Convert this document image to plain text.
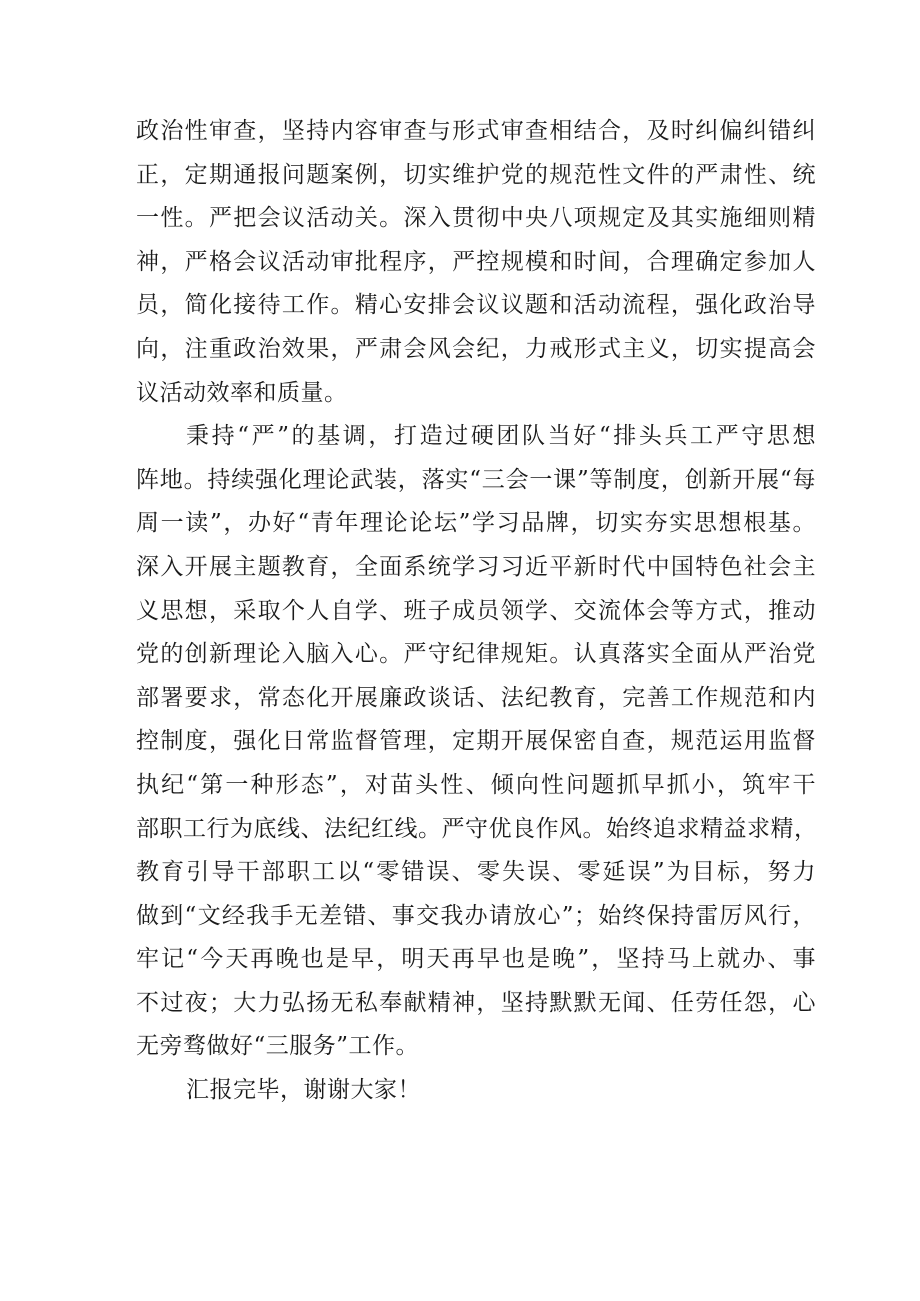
政治性审查，坚持内容审查与形式审查相结合，及时纠偏纠错纠
正，定期通报问题案例，切实维护党的规范性文件的严肃性、统
一性。严把会议活动关。深入贯彻中央八项规定及其实施细则精
神，严格会议活动审批程序，严控规模和时间，合理确定参加人
员，简化接待工作。精心安排会议议题和活动流程，强化政治导
向，注重政治效果，严肃会风会纪，力戒形式主义，切实提高会
议活动效率和质量。
秉持“严”的基调，打造过硬团队当好“排头兵工严守思想
阵地。持续强化理论武装，落实“三会一课”等制度，创新开展“每
周一读”，办好“青年理论论坛”学习品牌，切实夯实思想根基。
深入开展主题教育，全面系统学习习近平新时代中国特色社会主
义思想，采取个人自学、班子成员领学、交流体会等方式，推动
党的创新理论入脑入心。严守纪律规矩。认真落实全面从严治党
部署要求，常态化开展廉政谈话、法纪教育，完善工作规范和内
控制度，强化日常监督管理，定期开展保密自查，规范运用监督
执纪“第一种形态”，对苗头性、倾向性问题抓早抓小，筑牢干
部职工行为底线、法纪红线。严守优良作风。始终追求精益求精，
教育引导干部职工以“零错误、零失误、零延误”为目标，努力
做到“文经我手无差错、事交我办请放心”；始终保持雷厉风行，
牢记“今天再晚也是早，明天再早也是晚”，坚持马上就办、事
不过夜；大力弘扬无私奉献精神，坚持默默无闻、任劳任怨，心
无旁骛做好“三服务”工作。
汇报完毕，谢谢大家！
